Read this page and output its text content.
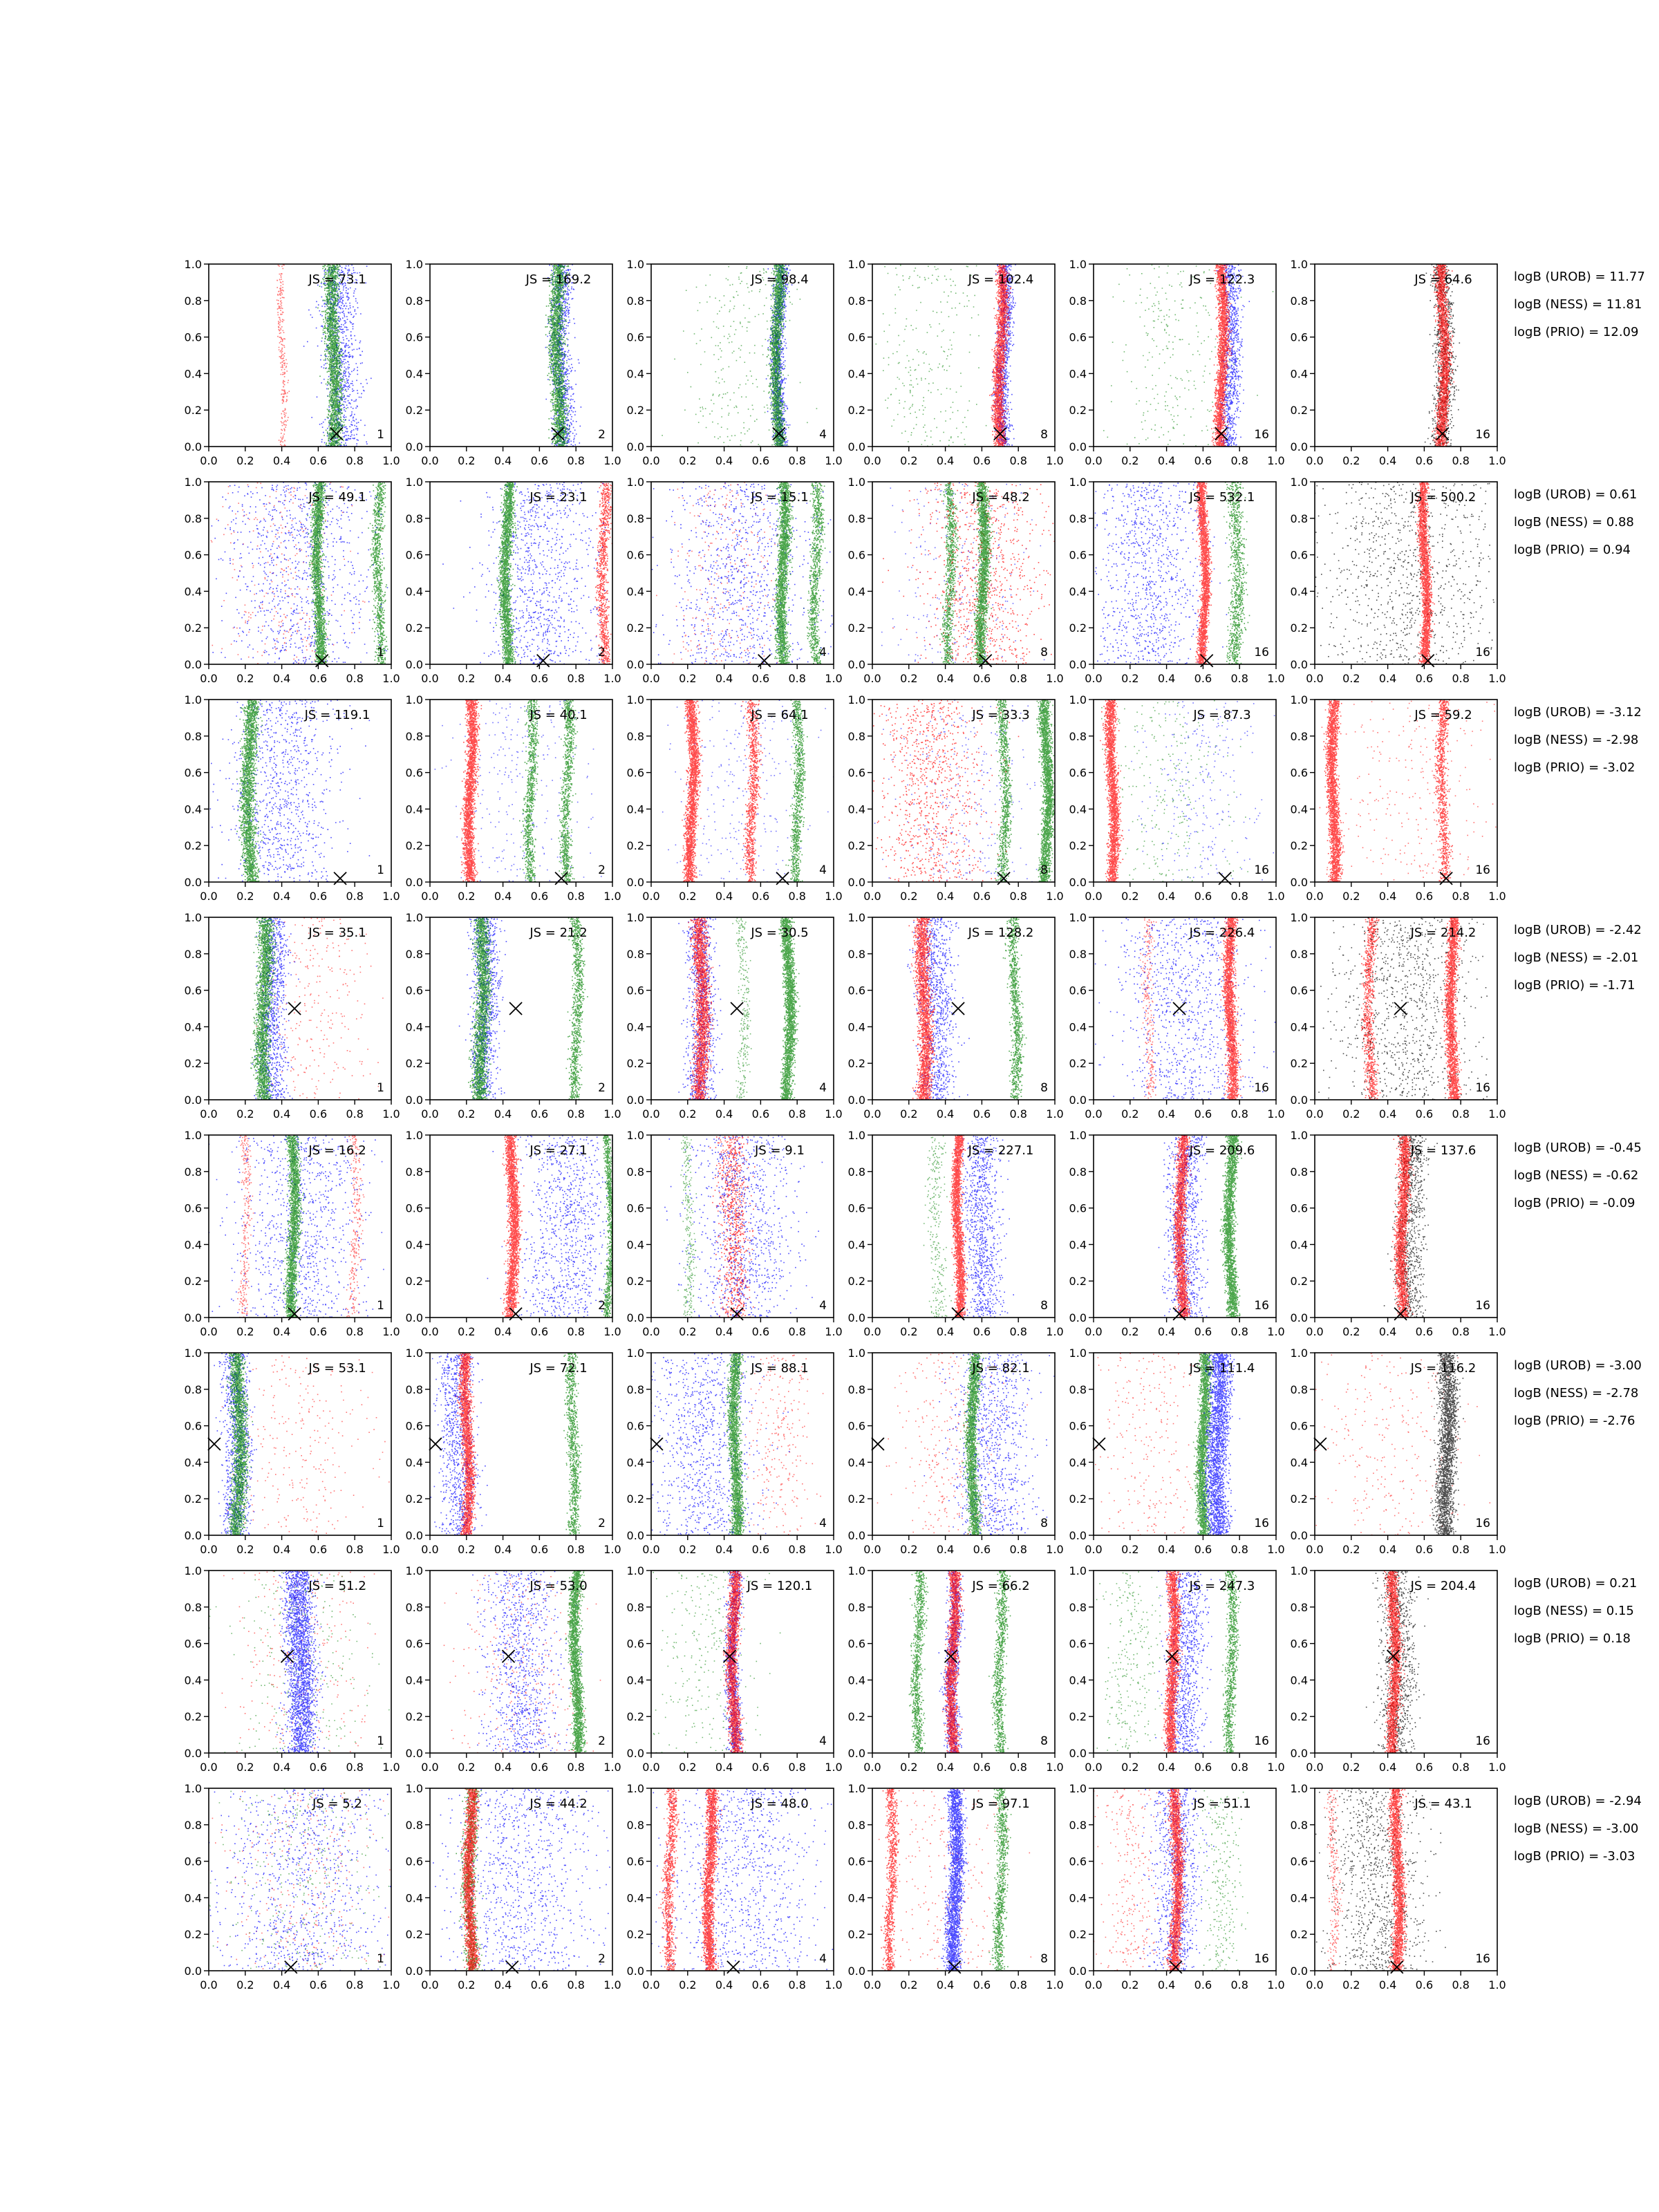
0.0 0.2 0.4 0.6 0.8 1.0
0.0
0.2
0.4
0.6
0.8
1.0
JS = 73.1
1
0.0 0.2 0.4 0.6 0.8 1.0
0.0
0.2
0.4
0.6
0.8
1.0
JS = 169.2
2
0.0 0.2 0.4 0.6 0.8 1.0
0.0
0.2
0.4
0.6
0.8
1.0
JS = 98.4
4
0.0 0.2 0.4 0.6 0.8 1.0
0.0
0.2
0.4
0.6
0.8
1.0
JS = 102.4
8
0.0 0.2 0.4 0.6 0.8 1.0
0.0
0.2
0.4
0.6
0.8
1.0
JS = 122.3
16
0.0 0.2 0.4 0.6 0.8 1.0
0.0
0.2
0.4
0.6
0.8
1.0
JS = 64.6
16
logB (UROB) = 11.77
logB (NESS) = 11.81
logB (PRIO) = 12.09
0.0 0.2 0.4 0.6 0.8 1.0
0.0
0.2
0.4
0.6
0.8
1.0
JS = 49.1
1
0.0 0.2 0.4 0.6 0.8 1.0
0.0
0.2
0.4
0.6
0.8
1.0
JS = 23.1
2
0.0 0.2 0.4 0.6 0.8 1.0
0.0
0.2
0.4
0.6
0.8
1.0
JS = 15.1
4
0.0 0.2 0.4 0.6 0.8 1.0
0.0
0.2
0.4
0.6
0.8
1.0
JS = 48.2
8
0.0 0.2 0.4 0.6 0.8 1.0
0.0
0.2
0.4
0.6
0.8
1.0
JS = 532.1
16
0.0 0.2 0.4 0.6 0.8 1.0
0.0
0.2
0.4
0.6
0.8
1.0
JS = 500.2
16
logB (UROB) = 0.61
logB (NESS) = 0.88
logB (PRIO) = 0.94
0.0 0.2 0.4 0.6 0.8 1.0
0.0
0.2
0.4
0.6
0.8
1.0
JS = 119.1
1
0.0 0.2 0.4 0.6 0.8 1.0
0.0
0.2
0.4
0.6
0.8
1.0
JS = 40.1
2
0.0 0.2 0.4 0.6 0.8 1.0
0.0
0.2
0.4
0.6
0.8
1.0
JS = 64.1
4
0.0 0.2 0.4 0.6 0.8 1.0
0.0
0.2
0.4
0.6
0.8
1.0
JS = 33.3
8
0.0 0.2 0.4 0.6 0.8 1.0
0.0
0.2
0.4
0.6
0.8
1.0
JS = 87.3
16
0.0 0.2 0.4 0.6 0.8 1.0
0.0
0.2
0.4
0.6
0.8
1.0
JS = 59.2
16
logB (UROB) = -3.12
logB (NESS) = -2.98
logB (PRIO) = -3.02
0.0 0.2 0.4 0.6 0.8 1.0
0.0
0.2
0.4
0.6
0.8
1.0
JS = 35.1
1
0.0 0.2 0.4 0.6 0.8 1.0
0.0
0.2
0.4
0.6
0.8
1.0
JS = 21.2
2
0.0 0.2 0.4 0.6 0.8 1.0
0.0
0.2
0.4
0.6
0.8
1.0
JS = 30.5
4
0.0 0.2 0.4 0.6 0.8 1.0
0.0
0.2
0.4
0.6
0.8
1.0
JS = 128.2
8
0.0 0.2 0.4 0.6 0.8 1.0
0.0
0.2
0.4
0.6
0.8
1.0
JS = 226.4
16
0.0 0.2 0.4 0.6 0.8 1.0
0.0
0.2
0.4
0.6
0.8
1.0
JS = 214.2
16
logB (UROB) = -2.42
logB (NESS) = -2.01
logB (PRIO) = -1.71
0.0 0.2 0.4 0.6 0.8 1.0
0.0
0.2
0.4
0.6
0.8
1.0
JS = 16.2
1
0.0 0.2 0.4 0.6 0.8 1.0
0.0
0.2
0.4
0.6
0.8
1.0
JS = 27.1
2
0.0 0.2 0.4 0.6 0.8 1.0
0.0
0.2
0.4
0.6
0.8
1.0
JS = 9.1
4
0.0 0.2 0.4 0.6 0.8 1.0
0.0
0.2
0.4
0.6
0.8
1.0
JS = 227.1
8
0.0 0.2 0.4 0.6 0.8 1.0
0.0
0.2
0.4
0.6
0.8
1.0
JS = 209.6
16
0.0 0.2 0.4 0.6 0.8 1.0
0.0
0.2
0.4
0.6
0.8
1.0
JS = 137.6
16
logB (UROB) = -0.45
logB (NESS) = -0.62
logB (PRIO) = -0.09
0.0 0.2 0.4 0.6 0.8 1.0
0.0
0.2
0.4
0.6
0.8
1.0
JS = 53.1
1
0.0 0.2 0.4 0.6 0.8 1.0
0.0
0.2
0.4
0.6
0.8
1.0
JS = 72.1
2
0.0 0.2 0.4 0.6 0.8 1.0
0.0
0.2
0.4
0.6
0.8
1.0
JS = 88.1
4
0.0 0.2 0.4 0.6 0.8 1.0
0.0
0.2
0.4
0.6
0.8
1.0
JS = 82.1
8
0.0 0.2 0.4 0.6 0.8 1.0
0.0
0.2
0.4
0.6
0.8
1.0
JS = 111.4
16
0.0 0.2 0.4 0.6 0.8 1.0
0.0
0.2
0.4
0.6
0.8
1.0
JS = 116.2
16
logB (UROB) = -3.00
logB (NESS) = -2.78
logB (PRIO) = -2.76
0.0 0.2 0.4 0.6 0.8 1.0
0.0
0.2
0.4
0.6
0.8
1.0
JS = 51.2
1
0.0 0.2 0.4 0.6 0.8 1.0
0.0
0.2
0.4
0.6
0.8
1.0
JS = 53.0
2
0.0 0.2 0.4 0.6 0.8 1.0
0.0
0.2
0.4
0.6
0.8
1.0
JS = 120.1
4
0.0 0.2 0.4 0.6 0.8 1.0
0.0
0.2
0.4
0.6
0.8
1.0
JS = 66.2
8
0.0 0.2 0.4 0.6 0.8 1.0
0.0
0.2
0.4
0.6
0.8
1.0
JS = 247.3
16
0.0 0.2 0.4 0.6 0.8 1.0
0.0
0.2
0.4
0.6
0.8
1.0
JS = 204.4
16
logB (UROB) = 0.21
logB (NESS) = 0.15
logB (PRIO) = 0.18
0.0 0.2 0.4 0.6 0.8 1.0
0.0
0.2
0.4
0.6
0.8
1.0
JS = 5.2
1
0.0 0.2 0.4 0.6 0.8 1.0
0.0
0.2
0.4
0.6
0.8
1.0
JS = 44.2
2
0.0 0.2 0.4 0.6 0.8 1.0
0.0
0.2
0.4
0.6
0.8
1.0
JS = 48.0
4
0.0 0.2 0.4 0.6 0.8 1.0
0.0
0.2
0.4
0.6
0.8
1.0
JS = 97.1
8
0.0 0.2 0.4 0.6 0.8 1.0
0.0
0.2
0.4
0.6
0.8
1.0
JS = 51.1
16
0.0 0.2 0.4 0.6 0.8 1.0
0.0
0.2
0.4
0.6
0.8
1.0
JS = 43.1
16
logB (UROB) = -2.94
logB (NESS) = -3.00
logB (PRIO) = -3.03
